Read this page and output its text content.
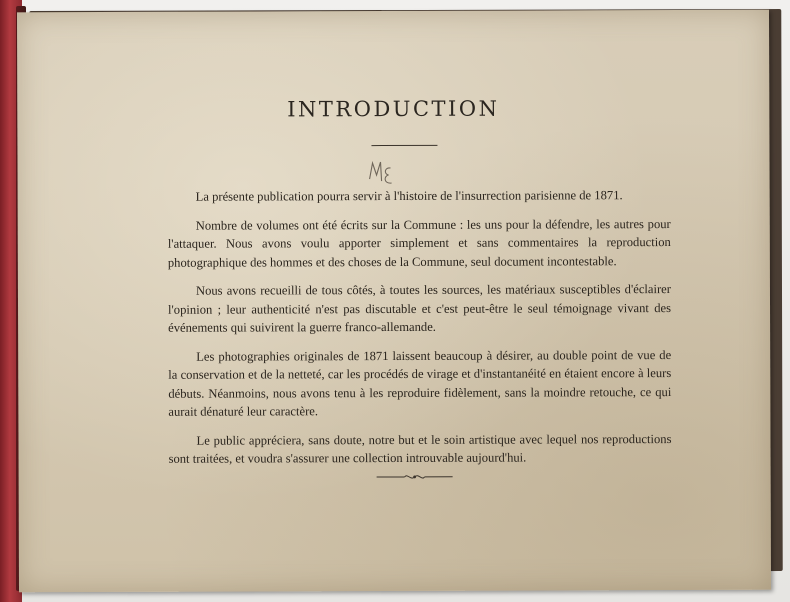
INTRODUCTION

La présente publication pourra servir à l'histoire de l'insurrection parisienne de 1871.

Nombre de volumes ont été écrits sur la Commune : les uns pour la défendre, les autres pour l'attaquer. Nous avons voulu apporter simplement et sans commentaires la reproduction photographique des hommes et des choses de la Commune, seul document incontestable.

Nous avons recueilli de tous côtés, à toutes les sources, les matériaux susceptibles d'éclairer l'opinion ; leur authenticité n'est pas discutable et c'est peut-être le seul témoignage vivant des événements qui suivirent la guerre franco-allemande.

Les photographies originales de 1871 laissent beaucoup à désirer, au double point de vue de la conservation et de la netteté, car les procédés de virage et d'instantanéité en étaient encore à leurs débuts. Néanmoins, nous avons tenu à les reproduire fidèlement, sans la moindre retouche, ce qui aurait dénaturé leur caractère.

Le public appréciera, sans doute, notre but et le soin artistique avec lequel nos reproductions sont traitées, et voudra s'assurer une collection introuvable aujourd'hui.
